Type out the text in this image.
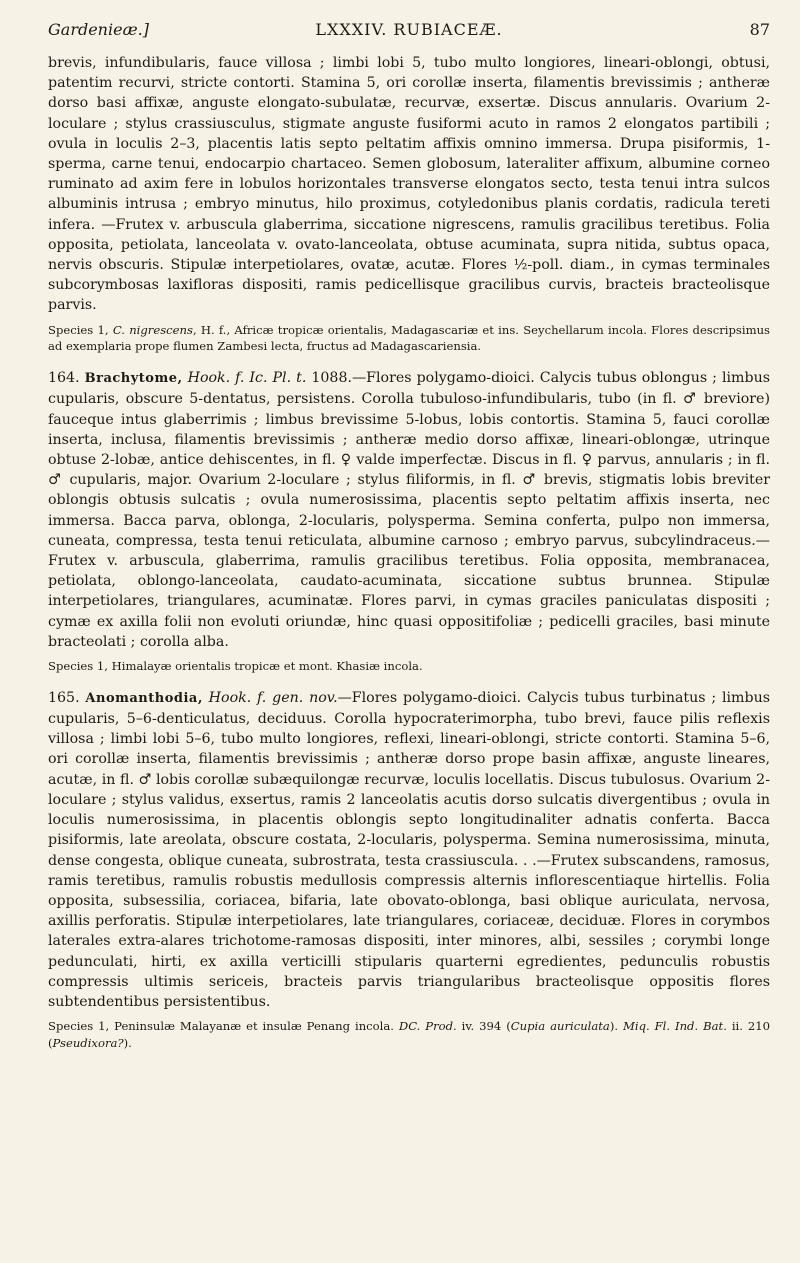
Gardenieæ.]	LXXXIV. RUBIACEÆ.	87

brevis, infundibularis, fauce villosa ; limbi lobi 5, tubo multo longiores, lineari-oblongi, obtusi, patentim recurvi, stricte contorti. Stamina 5, ori corollæ inserta, filamentis brevissimis ; antheræ dorso basi affixæ, anguste elongato-subulatæ, recurvæ, exsertæ. Discus annularis. Ovarium 2-loculare ; stylus crassiusculus, stigmate anguste fusiformi acuto in ramos 2 elongatos partibili ; ovula in loculis 2–3, placentis latis septo peltatim affixis omnino immersa. Drupa pisiformis, 1-sperma, carne tenui, endocarpio chartaceo. Semen globosum, lateraliter affixum, albumine corneo ruminato ad axim fere in lobulos horizontales transverse elongatos secto, testa tenui intra sulcos albuminis intrusa ; embryo minutus, hilo proximus, cotyledonibus planis cordatis, radicula tereti infera. —Frutex v. arbuscula glaberrima, siccatione nigrescens, ramulis gracilibus teretibus. Folia opposita, petiolata, lanceolata v. ovato-lanceolata, obtuse acuminata, supra nitida, subtus opaca, nervis obscuris. Stipulæ interpetiolares, ovatæ, acutæ. Flores ½-poll. diam., in cymas terminales subcorymbosas laxifloras dispositi, ramis pedicellisque gracilibus curvis, bracteis bracteolisque parvis.

Species 1, C. nigrescens, H. f., Africæ tropicæ orientalis, Madagascariæ et ins. Seychellarum incola. Flores descripsimus ad exemplaria prope flumen Zambesi lecta, fructus ad Madagascariensia.

164. Brachytome, Hook. f. Ic. Pl. t. 1088.—Flores polygamo-dioici. Calycis tubus oblongus ; limbus cupularis, obscure 5-dentatus, persistens. Corolla tubuloso-infundibularis, tubo (in fl. ♂ breviore) fauceque intus glaberrimis ; limbus brevissime 5-lobus, lobis contortis. Stamina 5, fauci corollæ inserta, inclusa, filamentis brevissimis ; antheræ medio dorso affixæ, lineari-oblongæ, utrinque obtuse 2-lobæ, antice dehiscentes, in fl. ♀ valde imperfectæ. Discus in fl. ♀ parvus, annularis ; in fl. ♂ cupularis, major. Ovarium 2-loculare ; stylus filiformis, in fl. ♂ brevis, stigmatis lobis breviter oblongis obtusis sulcatis ; ovula numerosissima, placentis septo peltatim affixis inserta, nec immersa. Bacca parva, oblonga, 2-locularis, polysperma. Semina conferta, pulpo non immersa, cuneata, compressa, testa tenui reticulata, albumine carnoso ; embryo parvus, subcylindraceus.—Frutex v. arbuscula, glaberrima, ramulis gracilibus teretibus. Folia opposita, membranacea, petiolata, oblongo-lanceolata, caudato-acuminata, siccatione subtus brunnea. Stipulæ interpetiolares, triangulares, acuminatæ. Flores parvi, in cymas graciles paniculatas dispositi ; cymæ ex axilla folii non evoluti oriundæ, hinc quasi oppositifoliæ ; pedicelli graciles, basi minute bracteolati ; corolla alba.

Species 1, Himalayæ orientalis tropicæ et mont. Khasiæ incola.

165. Anomanthodia, Hook. f. gen. nov.—Flores polygamo-dioici. Calycis tubus turbinatus ; limbus cupularis, 5–6-denticulatus, deciduus. Corolla hypocraterimorpha, tubo brevi, fauce pilis reflexis villosa ; limbi lobi 5–6, tubo multo longiores, reflexi, lineari-oblongi, stricte contorti. Stamina 5–6, ori corollæ inserta, filamentis brevissimis ; antheræ dorso prope basin affixæ, anguste lineares, acutæ, in fl. ♂ lobis corollæ subæquilongæ recurvæ, loculis locellatis. Discus tubulosus. Ovarium 2-loculare ; stylus validus, exsertus, ramis 2 lanceolatis acutis dorso sulcatis divergentibus ; ovula in loculis numerosissima, in placentis oblongis septo longitudinaliter adnatis conferta. Bacca pisiformis, late areolata, obscure costata, 2-locularis, polysperma. Semina numerosissima, minuta, dense congesta, oblique cuneata, subrostrata, testa crassiuscula. . .—Frutex subscandens, ramosus, ramis teretibus, ramulis robustis medullosis compressis alternis inflorescentiaque hirtellis. Folia opposita, subsessilia, coriacea, bifaria, late obovato-oblonga, basi oblique auriculata, nervosa, axillis perforatis. Stipulæ interpetiolares, late triangulares, coriaceæ, deciduæ. Flores in corymbos laterales extra-alares trichotome-ramosas dispositi, inter minores, albi, sessiles ; corymbi longe pedunculati, hirti, ex axilla verticilli stipularis quarterni egredientes, pedunculis robustis compressis ultimis sericeis, bracteis parvis triangularibus bracteolisque oppositis flores subtendentibus persistentibus.

Species 1, Peninsulæ Malayanæ et insulæ Penang incola. DC. Prod. iv. 394 (Cupia auriculata). Miq. Fl. Ind. Bat. ii. 210 (Pseudixora?).
